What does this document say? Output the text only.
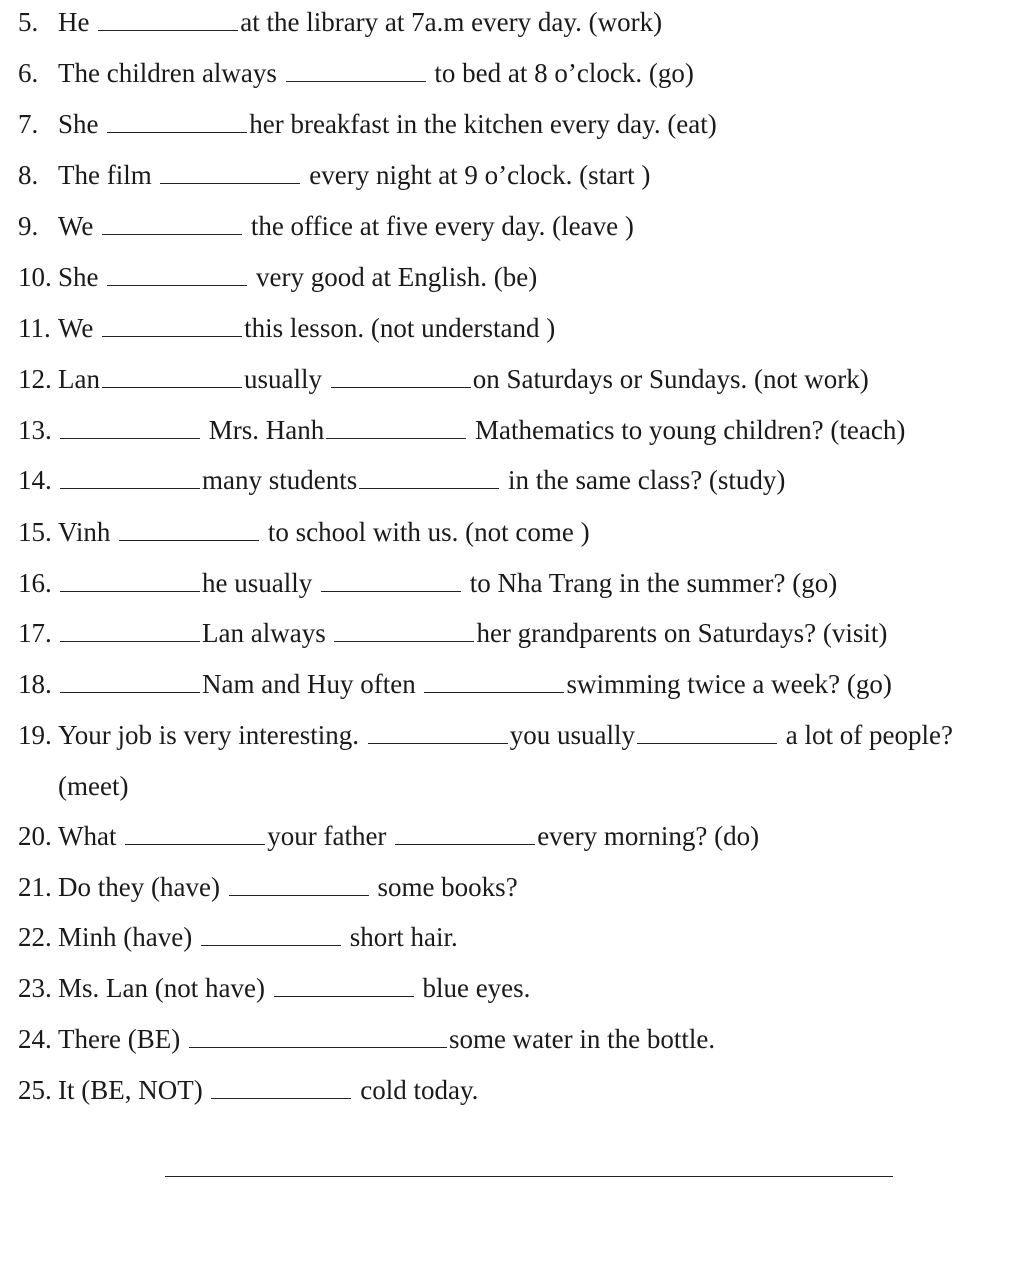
5. He	at the library at 7a.m every day. (work)
6. The children always	to bed at 8 o’clock. (go)
7. She	her breakfast in the kitchen every day. (eat)
8. The film	every night at 9 o’clock. (start )
9. We	the office at five every day. (leave )
10. She	very good at English. (be)
11. We	this lesson. (not understand )
12. Lan	usually	on Saturdays or Sundays. (not work)
13.	Mrs. Hanh	Mathematics to young children? (teach)
14.	many students	in the same class? (study)
15. Vinh	to school with us. (not come )
16.	he usually	to Nha Trang in the summer? (go)
17.	Lan always	her grandparents on Saturdays? (visit)
18.	Nam and Huy often	swimming twice a week? (go)
19. Your job is very interesting.	you usually	a lot of people?
(meet)
20. What	your father	every morning? (do)
21. Do they (have)	some books?
22. Minh (have)	short hair.
23. Ms. Lan (not have)	blue eyes.
24. There (BE)	some water in the bottle.
25. It (BE, NOT)	cold today.
